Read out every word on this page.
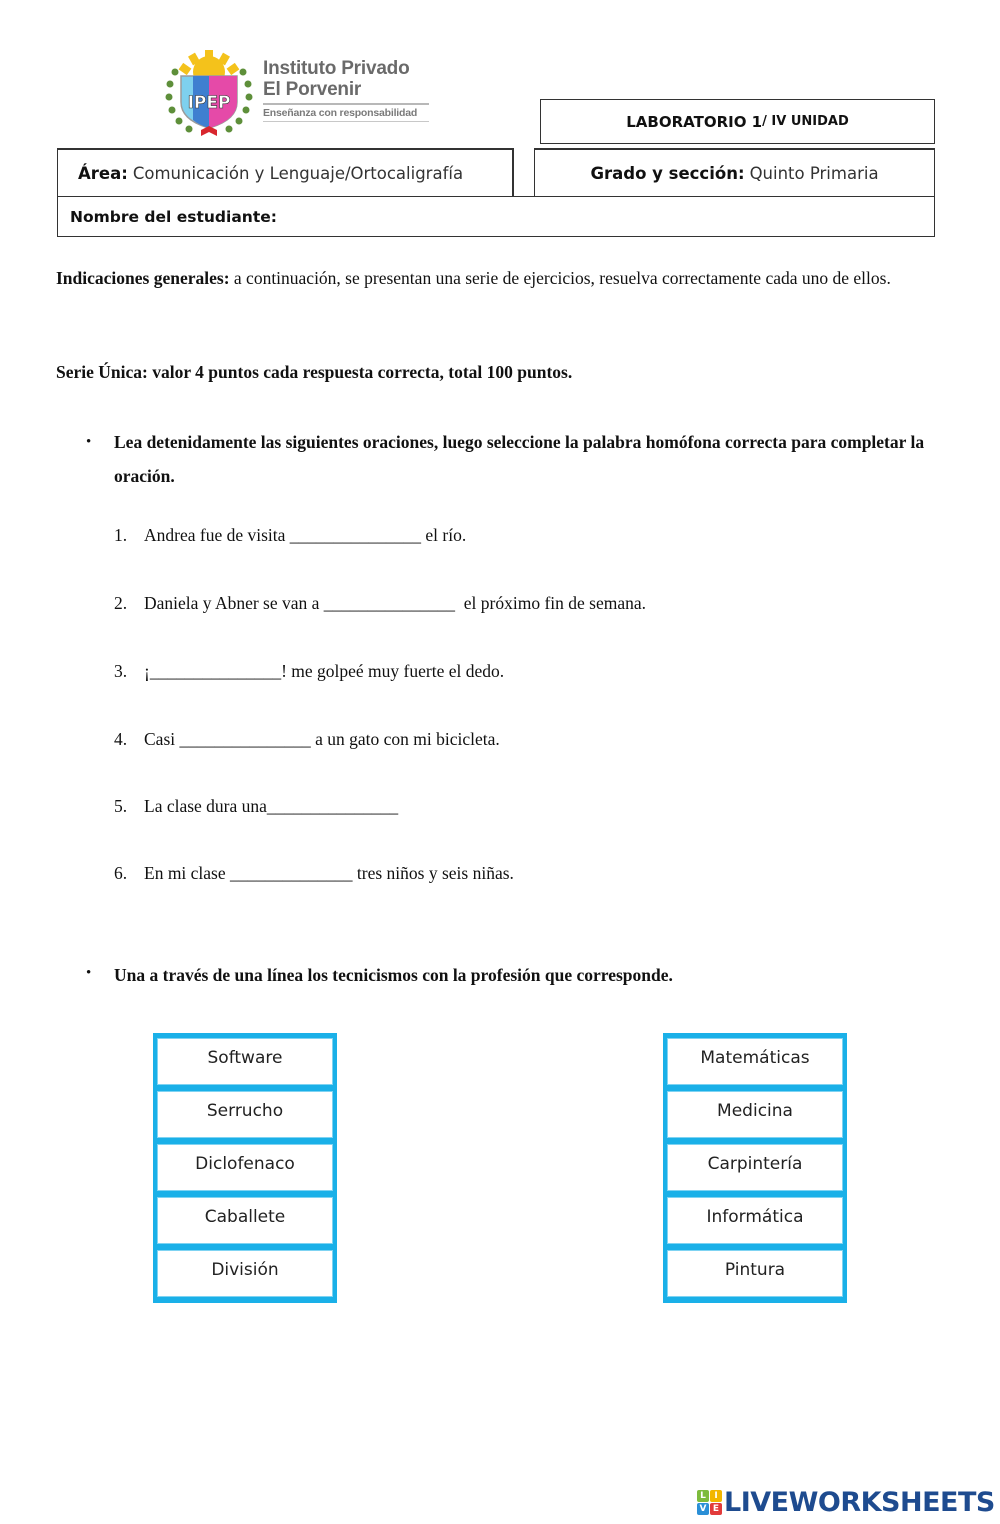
IPEP
Instituto Privado
El Porvenir
Enseñanza con responsabilidad	LABORATORIO 1 / IV UNIDAD
Área: Comunicación y Lenguaje/Ortocaligrafía	Grado y sección: Quinto Primaria
Nombre del estudiante:
Indicaciones generales: a continuación, se presentan una serie de ejercicios, resuelva correctamente cada uno de ellos.
Serie Única: valor 4 puntos cada respuesta correcta, total 100 puntos.
•	Lea detenidamente las siguientes oraciones, luego seleccione la palabra homófona correcta para completar la oración.
1. Andrea fue de visita _______________ el río.
2. Daniela y Abner se van a _______________  el próximo fin de semana.
3. ¡_______________! me golpeé muy fuerte el dedo.
4. Casi _______________ a un gato con mi bicicleta.
5. La clase dura una_______________
6. En mi clase ______________ tres niños y seis niñas.
•	Una a través de una línea los tecnicismos con la profesión que corresponde.
Software
Serrucho
Diclofenaco
Caballete
División
Matemáticas
Medicina
Carpintería
Informática
Pintura
L I
V E LIVEWORKSHEETS
